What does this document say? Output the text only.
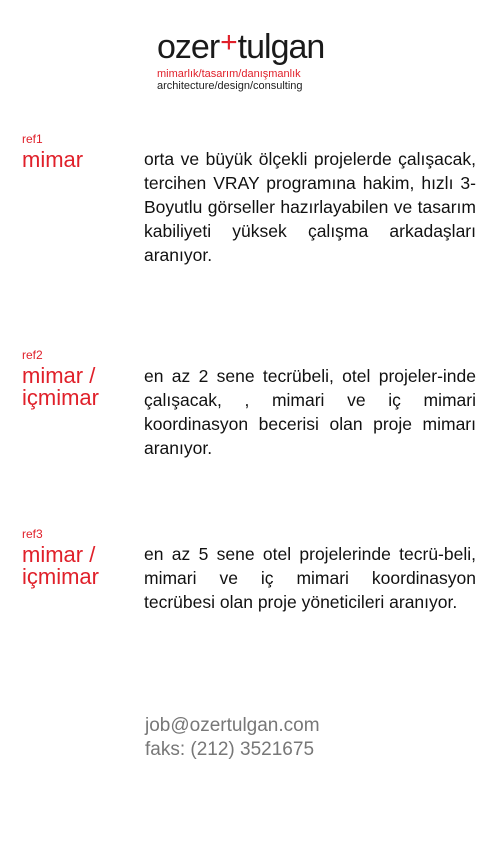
ozer+tulgan
mimarlık/tasarım/danışmanlık
architecture/design/consulting
ref1
mimar	orta ve büyük ölçekli projelerde çalışacak, tercihen VRAY programına hakim, hızlı 3-Boyutlu görseller hazırlayabilen ve tasarım kabiliyeti yüksek çalışma arkadaşları aranıyor.
ref2
mimar /
içmimar
en az 2 sene tecrübeli, otel projeler-inde çalışacak, , mimari ve iç mimari koordinasyon becerisi olan proje mimarı aranıyor.
ref3
mimar /
içmimar
en az 5 sene otel projelerinde tecrü-beli, mimari ve iç mimari koordinasyon tecrübesi olan proje yöneticileri aranıyor.
job@ozertulgan.com
faks: (212) 3521675
